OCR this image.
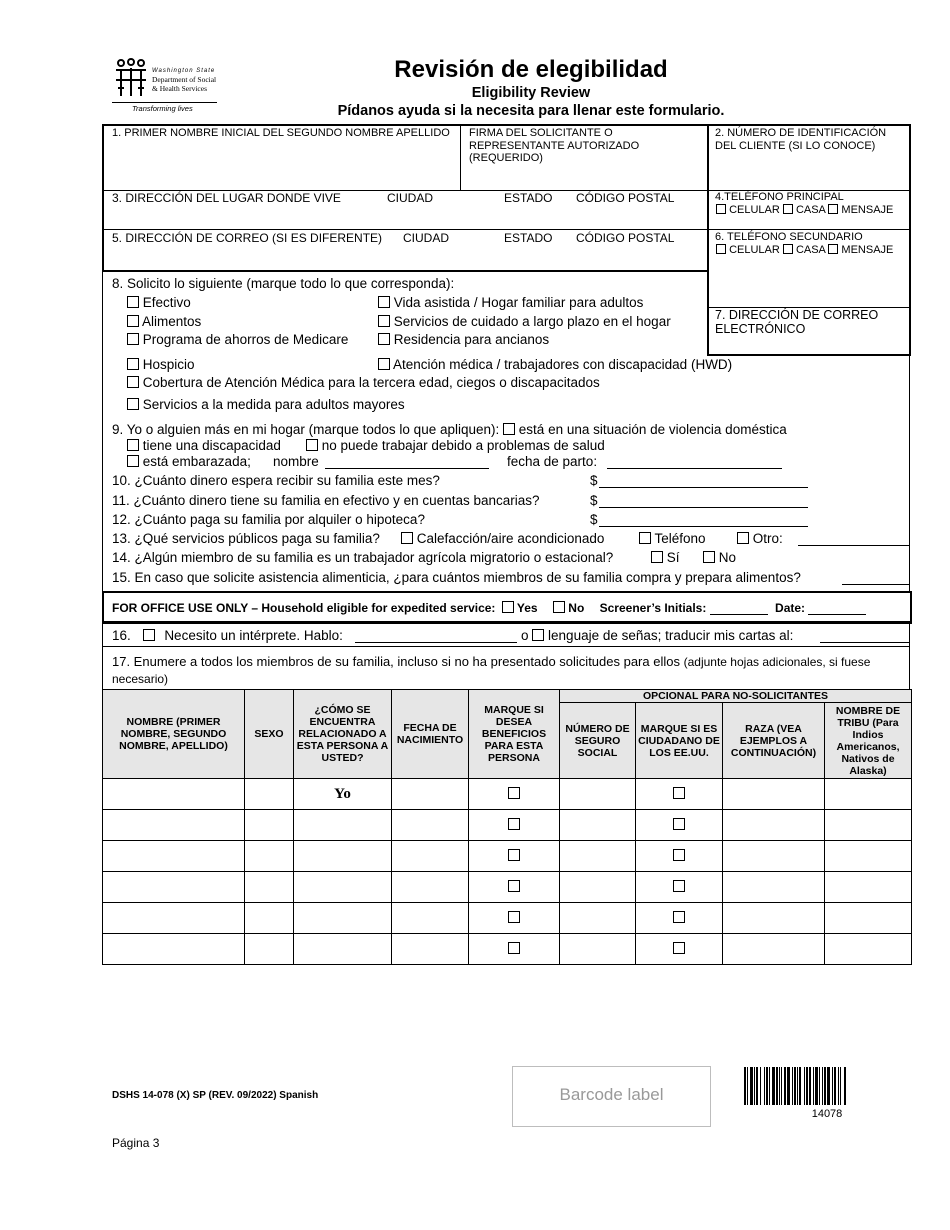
Washington State
Department of Social
& Health Services
Transforming lives
Revisión de elegibilidad
Eligibility Review
Pídanos ayuda si la necesita para llenar este formulario.
1. PRIMER NOMBRE INICIAL DEL SEGUNDO NOMBRE APELLIDO FIRMA DEL SOLICITANTE O REPRESENTANTE AUTORIZADO (REQUERIDO)
2. NÚMERO DE IDENTIFICACIÓN DEL CLIENTE (SI LO CONOCE)
3. DIRECCIÓN DEL LUGAR DONDE VIVE	CIUDAD	ESTADO CÓDIGO POSTAL	4.TELÉFONO PRINCIPAL
CELULAR CASA MENSAJE
5. DIRECCIÓN DE CORREO (SI ES DIFERENTE) CIUDAD	ESTADO CÓDIGO POSTAL	6. TELÉFONO SECUNDARIO
CELULAR CASA MENSAJE
7. DIRECCIÓN DE CORREO ELECTRÓNICO
8. Solicito lo siguiente (marque todo lo que corresponda):
Efectivo
Alimentos
Programa de ahorros de Medicare
Vida asistida / Hogar familiar para adultos
Servicios de cuidado a largo plazo en el hogar
Residencia para ancianos
Hospicio	Atención médica / trabajadores con discapacidad (HWD)
Cobertura de Atención Médica para la tercera edad, ciegos o discapacitados
Servicios a la medida para adultos mayores
9. Yo o alguien más en mi hogar (marque todos lo que apliquen): está en una situación de violencia doméstica
tiene una discapacidad	no puede trabajar debido a problemas de salud
está embarazada; nombre	fecha de parto:
10. ¿Cuánto dinero espera recibir su familia este mes?	$
11. ¿Cuánto dinero tiene su familia en efectivo y en cuentas bancarias?	$
12. ¿Cuánto paga su familia por alquiler o hipoteca?	$
13. ¿Qué servicios públicos paga su familia?	Calefacción/aire acondicionado	Teléfono	Otro:
14. ¿Algún miembro de su familia es un trabajador agrícola migratorio o estacional?	Sí	No
15. En caso que solicite asistencia alimenticia, ¿para cuántos miembros de su familia compra y prepara alimentos?
FOR OFFICE USE ONLY – Household eligible for expedited service: Yes	No Screener’s Initials:	Date:
16. Necesito un intérprete. Hablo:	o lenguaje de señas; traducir mis cartas al:
17. Enumere a todos los miembros de su familia, incluso si no ha presentado solicitudes para ellos (adjunte hojas adicionales, si fuese necesario)
NOMBRE (PRIMER NOMBRE, SEGUNDO NOMBRE, APELLIDO)	SEXO	¿CÓMO SE ENCUENTRA RELACIONADO A ESTA PERSONA A USTED?	FECHA DE NACIMIENTO	MARQUE SI DESEA BENEFICIOS PARA ESTA PERSONA	OPCIONAL PARA NO-SOLICITANTES			
					NÚMERO DE SEGURO SOCIAL	MARQUE SI ES CIUDADANO DE LOS EE.UU.	RAZA (VEA EJEMPLOS A CONTINUACIÓN)	NOMBRE DE TRIBU (Para Indios Americanos, Nativos de Alaska)
		Yo						

DSHS 14-078 (X) SP (REV. 09/2022) Spanish	Barcode label
14078
Página 3
